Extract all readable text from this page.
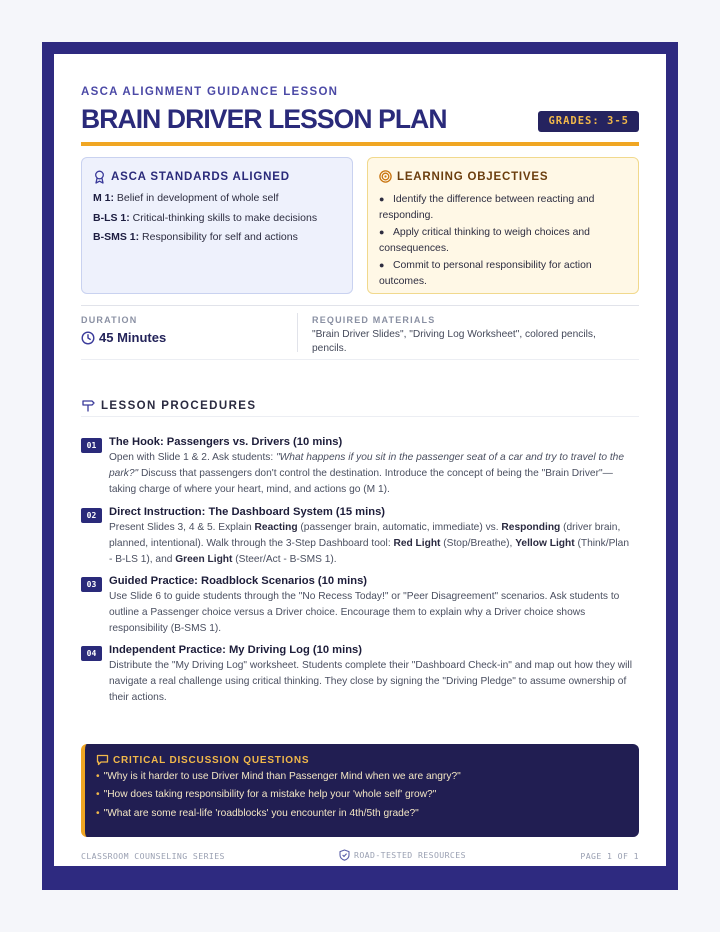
ASCA ALIGNMENT GUIDANCE LESSON
BRAIN DRIVER LESSON PLAN	GRADES: 3-5
ASCA STANDARDS ALIGNED
M 1: Belief in development of whole self
B-LS 1: Critical-thinking skills to make decisions
B-SMS 1: Responsibility for self and actions
LEARNING OBJECTIVES
● Identify the difference between reacting and responding.
● Apply critical thinking to weigh choices and consequences.
● Commit to personal responsibility for action outcomes.
DURATION
45 Minutes
REQUIRED MATERIALS
"Brain Driver Slides", "Driving Log Worksheet", colored pencils, pencils.
LESSON PROCEDURES
01	The Hook: Passengers vs. Drivers (10 mins)
Open with Slide 1 & 2. Ask students: "What happens if you sit in the passenger seat of a car and try to travel to the park?" Discuss that passengers don't control the destination. Introduce the concept of being the "Brain Driver"—taking charge of where your heart, mind, and actions go (M 1).
02	Direct Instruction: The Dashboard System (15 mins)
Present Slides 3, 4 & 5. Explain Reacting (passenger brain, automatic, immediate) vs. Responding (driver brain, planned, intentional). Walk through the 3-Step Dashboard tool: Red Light (Stop/Breathe), Yellow Light (Think/Plan - B-LS 1), and Green Light (Steer/Act - B-SMS 1).
03	Guided Practice: Roadblock Scenarios (10 mins)
Use Slide 6 to guide students through the "No Recess Today!" or "Peer Disagreement" scenarios. Ask students to outline a Passenger choice versus a Driver choice. Encourage them to explain why a Driver choice shows responsibility (B-SMS 1).
04	Independent Practice: My Driving Log (10 mins)
Distribute the "My Driving Log" worksheet. Students complete their "Dashboard Check-in" and map out how they will navigate a real challenge using critical thinking. They close by signing the "Driving Pledge" to assume ownership of their actions.
CRITICAL DISCUSSION QUESTIONS
• "Why is it harder to use Driver Mind than Passenger Mind when we are angry?"
• "How does taking responsibility for a mistake help your 'whole self' grow?"
• "What are some real-life 'roadblocks' you encounter in 4th/5th grade?"
CLASSROOM COUNSELING SERIES	ROAD-TESTED RESOURCES	PAGE 1 OF 1
